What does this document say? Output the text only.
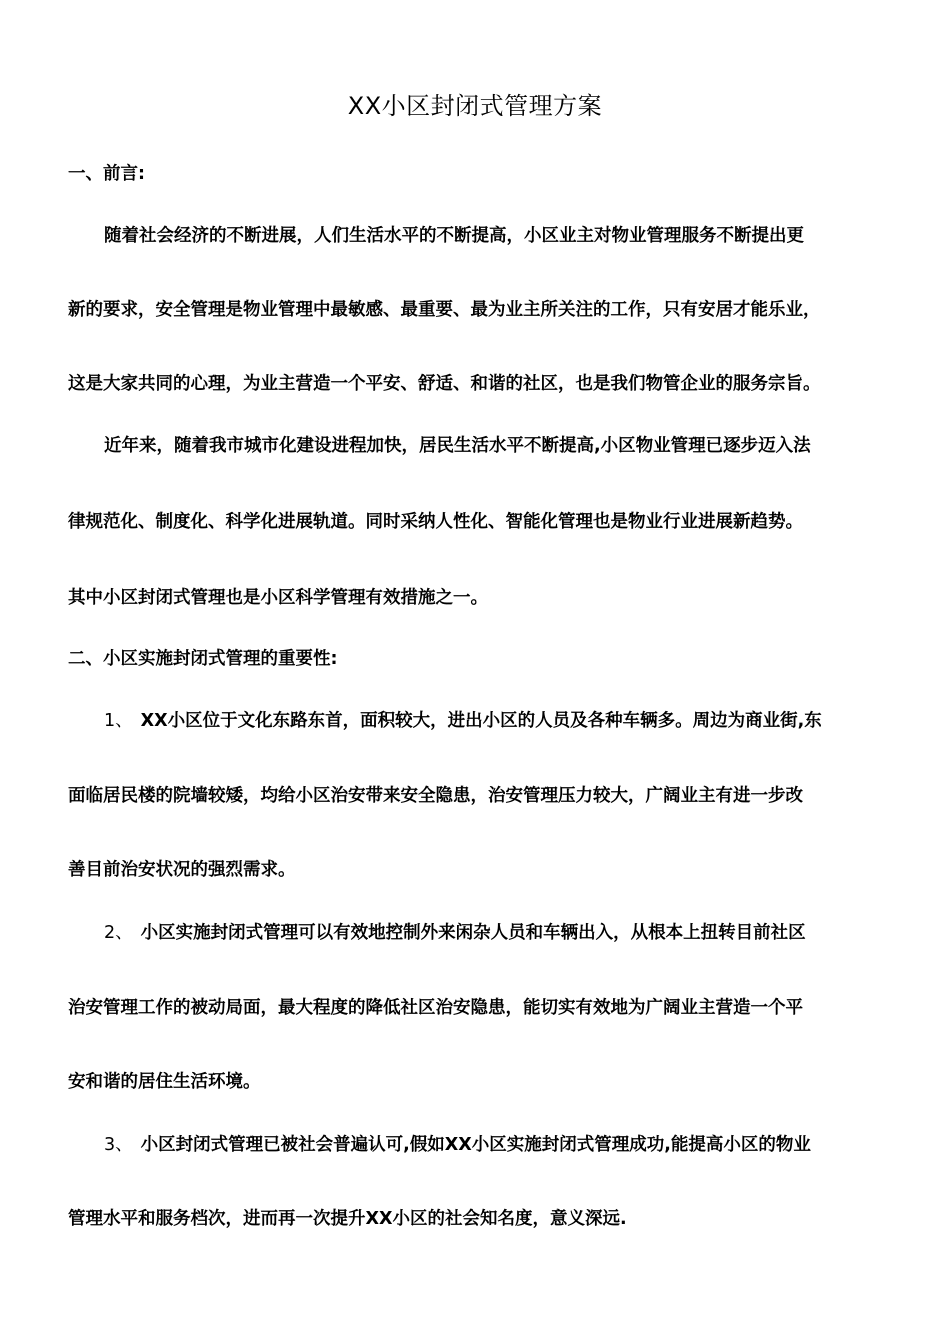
XX小区封闭式管理方案
一、前言:
随着社会经济的不断进展，人们生活水平的不断提高，小区业主对物业管理服务不断提出更
新的要求，安全管理是物业管理中最敏感、最重要、最为业主所关注的工作，只有安居才能乐业，
这是大家共同的心理，为业主营造一个平安、舒适、和谐的社区，也是我们物管企业的服务宗旨。
近年来，随着我市城市化建设进程加快，居民生活水平不断提高,小区物业管理已逐步迈入法
律规范化、制度化、科学化进展轨道。同时采纳人性化、智能化管理也是物业行业进展新趋势。
其中小区封闭式管理也是小区科学管理有效措施之一。
二、小区实施封闭式管理的重要性:
1、 XX小区位于文化东路东首，面积较大，进出小区的人员及各种车辆多。周边为商业街,东
面临居民楼的院墙较矮，均给小区治安带来安全隐患，治安管理压力较大，广阔业主有进一步改
善目前治安状况的强烈需求。
2、 小区实施封闭式管理可以有效地控制外来闲杂人员和车辆出入，从根本上扭转目前社区
治安管理工作的被动局面，最大程度的降低社区治安隐患，能切实有效地为广阔业主营造一个平
安和谐的居住生活环境。
3、 小区封闭式管理已被社会普遍认可,假如XX小区实施封闭式管理成功,能提高小区的物业
管理水平和服务档次，进而再一次提升XX小区的社会知名度，意义深远.
